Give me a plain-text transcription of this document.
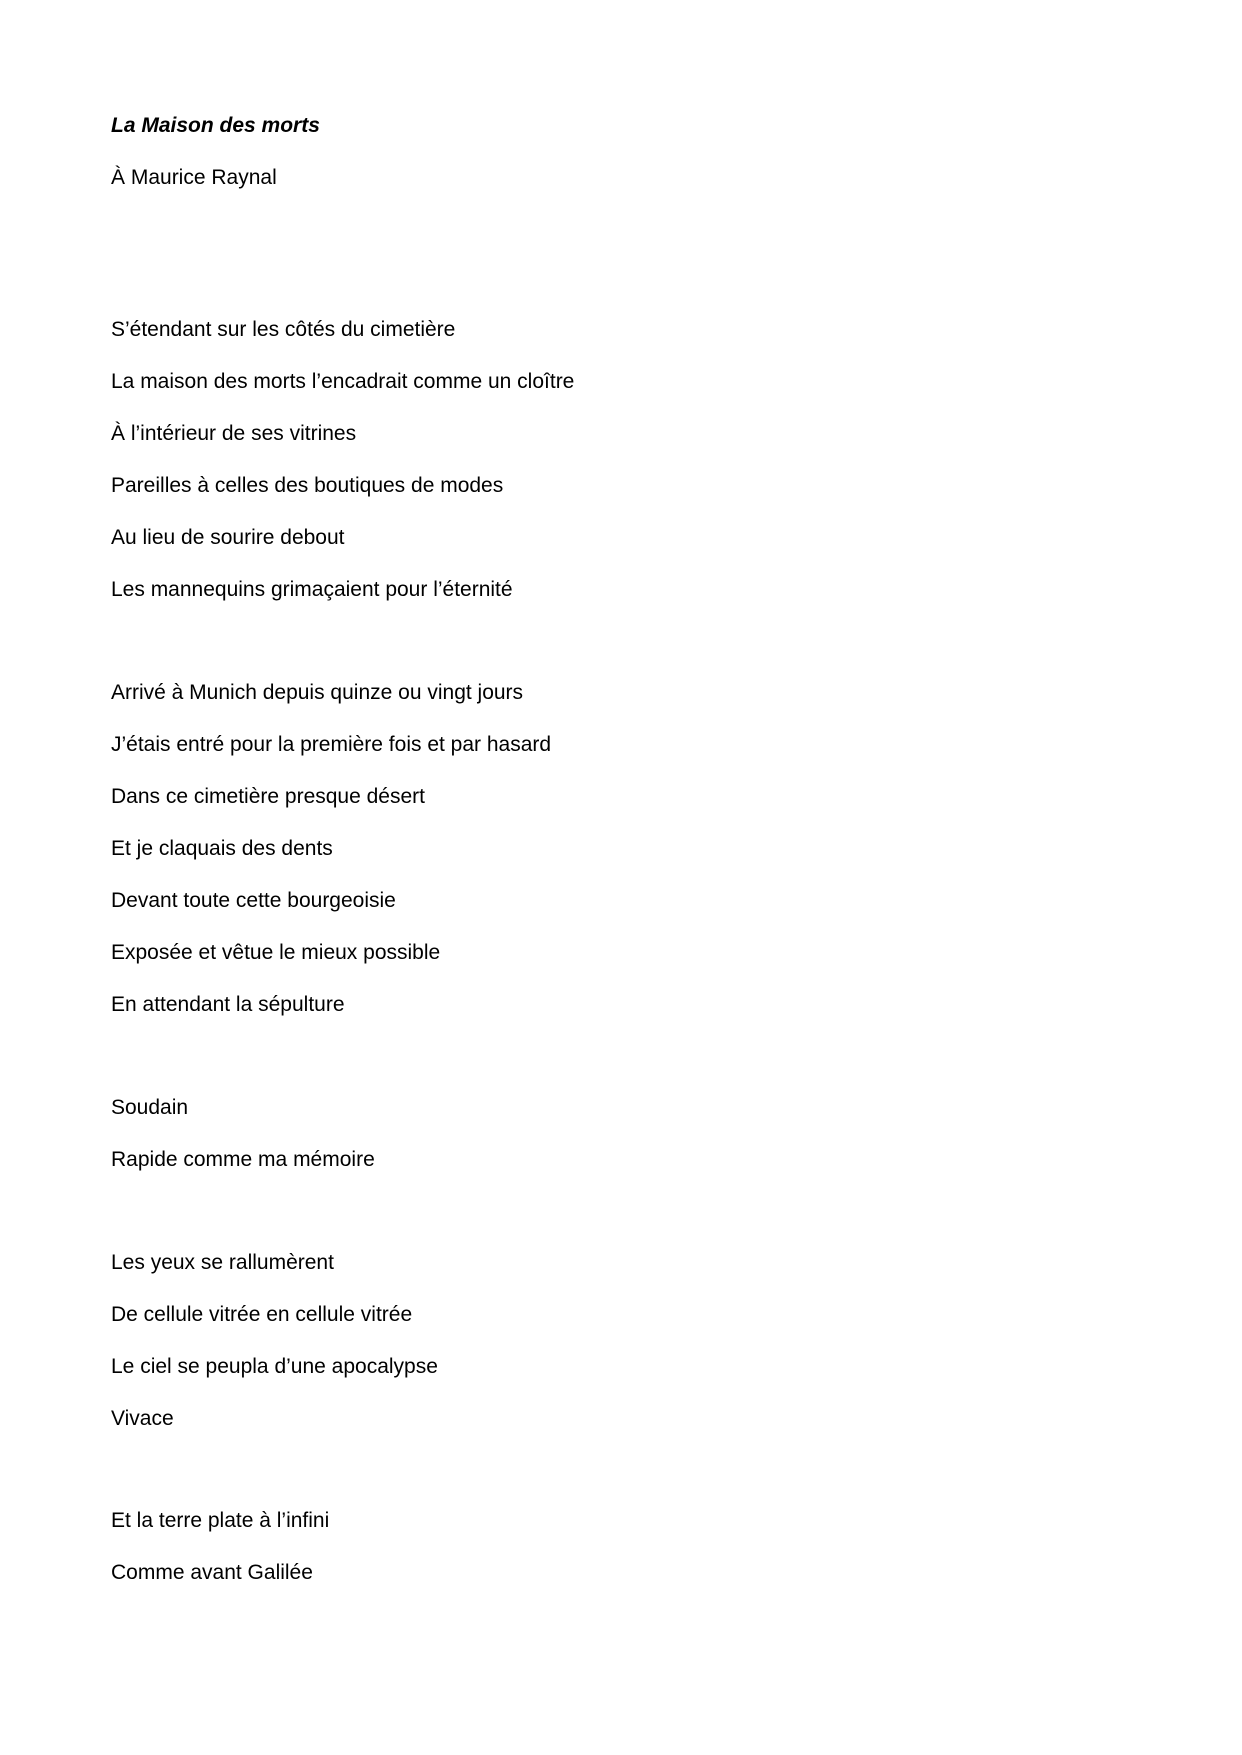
La Maison des morts

À Maurice Raynal

S’étendant sur les côtés du cimetière

La maison des morts l’encadrait comme un cloître

À l’intérieur de ses vitrines

Pareilles à celles des boutiques de modes

Au lieu de sourire debout

Les mannequins grimaçaient pour l’éternité

Arrivé à Munich depuis quinze ou vingt jours

J’étais entré pour la première fois et par hasard

Dans ce cimetière presque désert

Et je claquais des dents

Devant toute cette bourgeoisie

Exposée et vêtue le mieux possible

En attendant la sépulture

Soudain

Rapide comme ma mémoire

Les yeux se rallumèrent

De cellule vitrée en cellule vitrée

Le ciel se peupla d’une apocalypse

Vivace

Et la terre plate à l’infini

Comme avant Galilée
